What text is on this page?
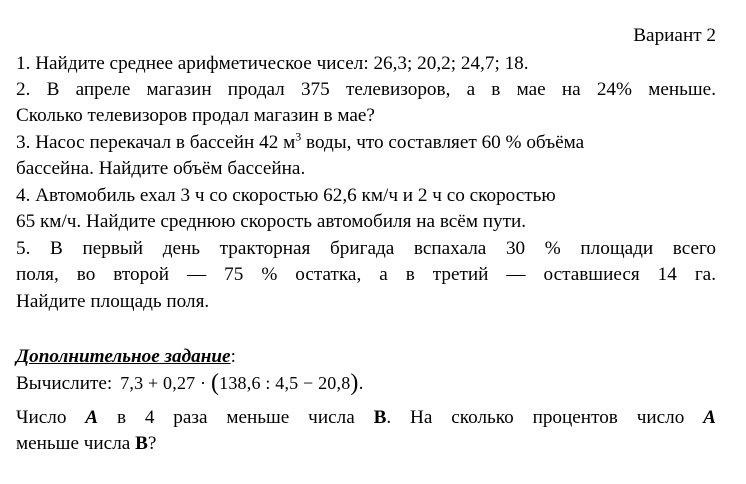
Вариант 2
1. Найдите среднее арифметическое чисел: 26,3; 20,2; 24,7; 18.
2. В апреле магазин продал 375 телевизоров, а в мае на 24% меньше.
Сколько телевизоров продал магазин в мае?
3. Насос перекачал в бассейн 42 $м^3$ воды, что составляет 60 % объёма
бассейна. Найдите объём бассейна.
4. Автомобиль ехал 3 ч со скоростью 62,6 км/ч и 2 ч со скоростью
65 км/ч. Найдите среднюю скорость автомобиля на всём пути.
5. В первый день тракторная бригада вспахала 30 % площади всего
поля, во второй — 75 % остатка, а в третий — оставшиеся 14 га.
Найдите площадь поля.
Дополнительное задание:
Вычислите: 7,3 + 0,27 · (138,6 : 4,5 − 20,8).
Число A в 4 раза меньше числа B. На сколько процентов число A
меньше числа B?
